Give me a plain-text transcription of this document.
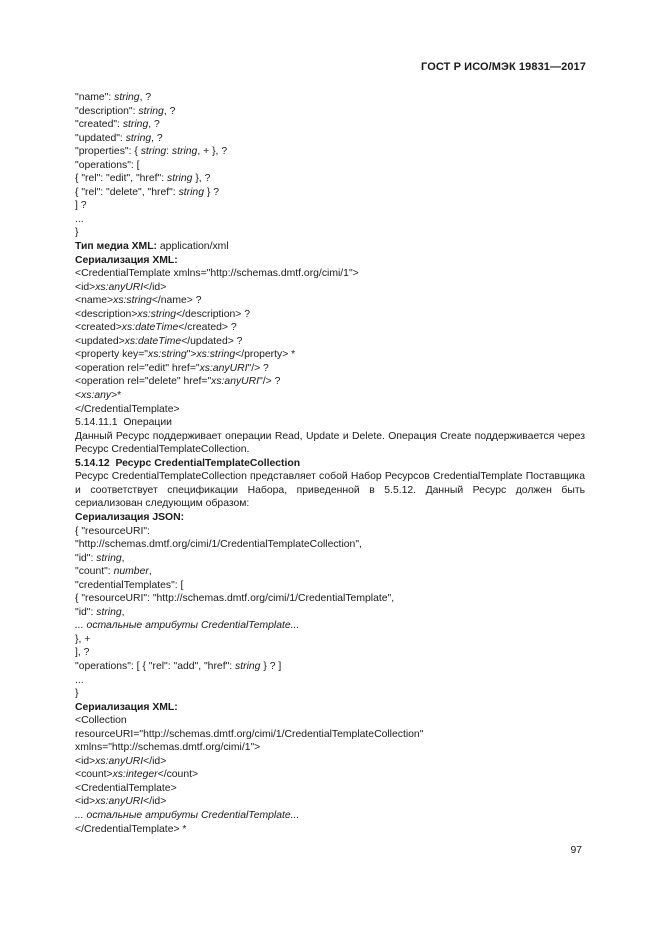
ГОСТ Р ИСО/МЭК 19831—2017
"name": string, ?
"description": string, ?
"created": string, ?
"updated": string, ?
"properties": { string: string, + }, ?
"operations": [
{ "rel": "edit", "href": string }, ?
{ "rel": "delete", "href": string } ?
] ?
...
}
Тип медиа XML: application/xml
Сериализация XML:
<CredentialTemplate xmlns="http://schemas.dmtf.org/cimi/1">
<id>xs:anyURI</id>
<name>xs:string</name> ?
<description>xs:string</description> ?
<created>xs:dateTime</created> ?
<updated>xs:dateTime</updated> ?
<property key="xs:string">xs:string</property> *
<operation rel="edit" href="xs:anyURI"/> ?
<operation rel="delete" href="xs:anyURI"/> ?
<xs:any>*
</CredentialTemplate>
5.14.11.1 Операции
Данный Ресурс поддерживает операции Read, Update и Delete. Операция Create поддерживается через Ресурс CredentialTemplateCollection.
5.14.12 Ресурс CredentialTemplateCollection
Ресурс CredentialTemplateCollection представляет собой Набор Ресурсов CredentialTemplate Поставщика и соответствует спецификации Набора, приведенной в 5.5.12. Данный Ресурс должен быть сериализован следующим образом:
Сериализация JSON:
{ "resourceURI":
"http://schemas.dmtf.org/cimi/1/CredentialTemplateCollection",
"id": string,
"count": number,
"credentialTemplates": [
{ "resourceURI": "http://schemas.dmtf.org/cimi/1/CredentialTemplate",
"id": string,
... остальные атрибуты CredentialTemplate...
}, +
], ?
"operations": [ { "rel": "add", "href": string } ? ]
...
}
Сериализация XML:
<Collection
resourceURI="http://schemas.dmtf.org/cimi/1/CredentialTemplateCollection"
xmlns="http://schemas.dmtf.org/cimi/1">
<id>xs:anyURI</id>
<count>xs:integer</count>
<CredentialTemplate>
<id>xs:anyURI</id>
... остальные атрибуты CredentialTemplate...
</CredentialTemplate> *
97
